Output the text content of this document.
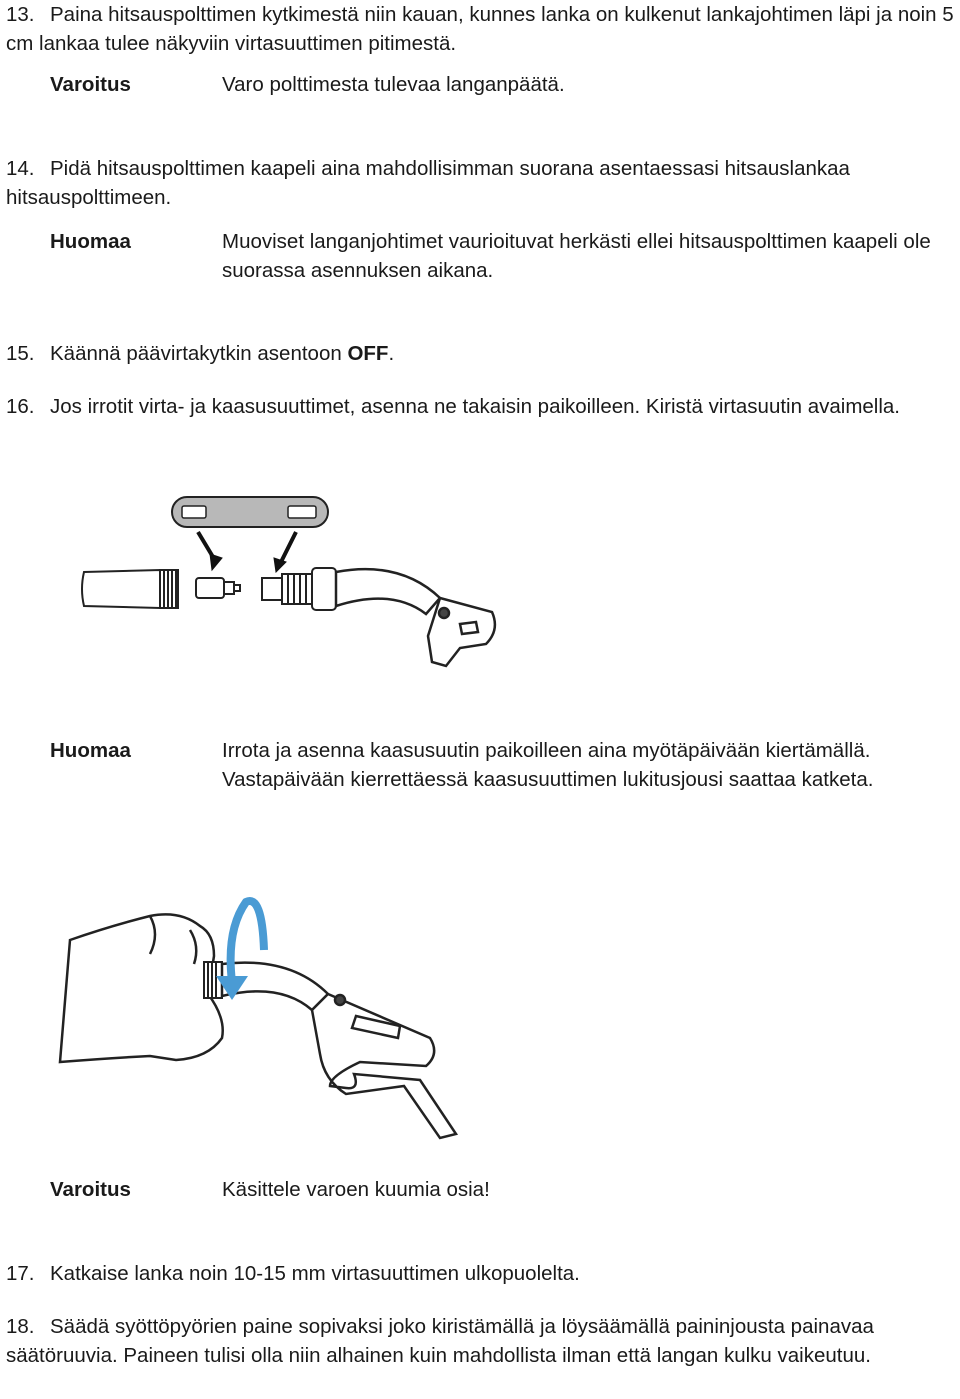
13. Paina hitsauspolttimen kytkimestä niin kauan, kunnes lanka on kulkenut lankajohtimen läpi ja noin 5 cm lankaa tulee näkyviin virtasuuttimen pitimestä.
Varoitus	Varo polttimesta tulevaa langanpäätä.
14. Pidä hitsauspolttimen kaapeli aina mahdollisimman suorana asentaessasi hitsauslankaa hitsauspolttimeen.
Huomaa	Muoviset langanjohtimet vaurioituvat herkästi ellei hitsauspolttimen kaapeli ole suorassa asennuksen aikana.
15. Käännä päävirtakytkin asentoon OFF.
16. Jos irrotit virta- ja kaasusuuttimet, asenna ne takaisin paikoilleen. Kiristä virtasuutin avaimella.
Huomaa	Irrota ja asenna kaasusuutin paikoilleen aina myötäpäivään kiertämällä. Vastapäivään kierrettäessä kaasusuuttimen lukitusjousi saattaa katketa.
Varoitus	Käsittele varoen kuumia osia!
17. Katkaise lanka noin 10-15 mm virtasuuttimen ulkopuolelta.
18. Säädä syöttöpyörien paine sopivaksi joko kiristämällä ja löysäämällä paininjousta painavaa säätöruuvia. Paineen tulisi olla niin alhainen kuin mahdollista ilman että langan kulku vaikeutuu.
